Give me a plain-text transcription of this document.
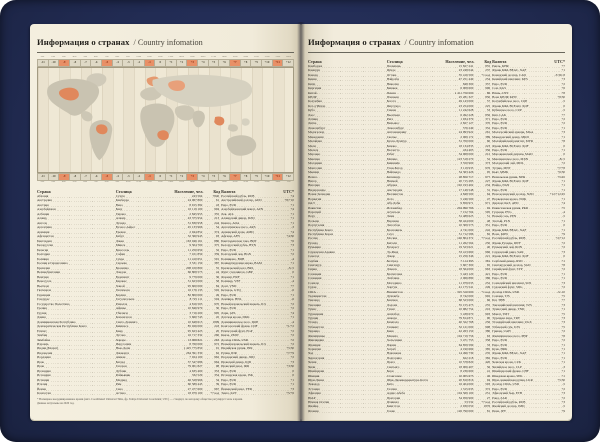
Информация о странах / Country infomation
1:00	2:00	3:00	4:00	5:00	6:00	7:00	8:00	9:00	10:00	11:00	12:00	13:00	14:00	15:00	16:00	17:00	18:00	19:00	20:00	21:00	22:00	23:00	24:00
-11	-10	-9	-8	-7	-6	-5	-4	-3	-2	-1	0	+1	+2	+3	+4	+5	+6	+7	+8	+9	+10	+11	+12
-11	-10	-9	-8	-7	-6	-5	-4	-3	-2	-1	0	+1	+2	+3	+4	+5	+6	+7	+8	+9	+10	+11	+12
2:00	3:00	4:00	5:00	6:00	7:00	8:00	9:00	10:00	11:00	12:00	13:00	14:00	15:00	16:00	17:00	18:00	19:00	20:00	21:00	22:00	23:00	24:00	1:00
Страна	Столица	Население, чел.	Код Валюта	UTC*
Абхазия	Сухум	243 564	7840 Российский рубль, RUB	+4
Австралия	Канберра	24 067 800	61 Австралийский доллар, AUD	+8/+10
Австрия	Вена	8 915 382	43 Евро, EUR	+1
Азербайджан	Баку	10 119 100	994 Азербайджанский манат, AZN	+4
Албания	Тирана	2 845 955	355 Лек, ALL	+1
Алжир	Алжир	43 375 954	213 Алжирский динар, DZD	+1
Ангола	Луанда	31 830 958	244 Кванза, AOA	+1
Аргентина	Буэнос-Айрес	45 133 966	54 Аргентинское песо, ARS	-3
Армения	Ереван	2 944 852	374 Армянский драм, AMD	+4
Афганистан	Кабул	32 360 945	93 Афгани, AFN	+4:30
Бангладеш	Дакка	163 046 161	880 Бангладешская така, BDT	+6
Белоруссия	Минск	9 504 700	375 Белорусский рубль, BYN	+3
Бельгия	Брюссель	11 250 659	32 Евро, EUR	+1
Болгария	София	7 101 859	359 Болгарский лев, BGN	+2
Боливия	Сукре	11 410 651	591 Боливиано, BOB	-4
Босния и Герцеговина	Сараево	3 531 159	387 Конвертируемая марка, BAM	+1
Бразилия	Бразилиа	208 100 800	55 Бразильский реал, BRL	-3/-5
Великобритания	Лондон	66 808 573	44 Фунт стерлингов, GBP	0
Венгрия	Будапешт	9 779 000	36 Форинт, HUF	+1
Венесуэла	Каракас	31 623 000	58 Боливар, VEF	-4
Вьетнам	Ханой	95 600 000	84 Донг, VND	+7
Гватемала	Гватемала	16 176 133	502 Кетцаль, GTQ	-6
Германия	Берлин	82 800 000	49 Евро, EUR	+1
Гондурас	Тегусигальпа	8 725 111	504 Лемпира, HNL	-6
Государство Палестина	Рамалла	4 816 503	970 Новый израильский шекель, ILS	+2
Греция	Афины	10 846 979	30 Евро, EUR	+2
Грузия	Тбилиси	3 716 200	995 Лари, GEL	+4
Дания	Копенгаген	5 660 743	45 Датская крона, DKK	+1
Доминиканская Республика	Санто-Доминго	10 648 613	1809 Доминиканское песо, DOP	-4
Демократическая Республика Конго	Киншаса	85 026 000	243 Конголезский франк, CDF	+1/+2
Египет	Каир	95 623 423	20 Египетский фунт, EGP	+2
Замбия	Лусака	16 717 332	260 Квача, ZMW	+2
Зимбабве	Хараре	13 968 821	263 Доллар США, USD	+2
Израиль	Иерусалим	8 760 000	972 Новый израильский шекель, ILS	+2
Индия (Бхарат)	Нью-Дели	1 425 775 850	91 Индийская рупия, INR	+5:30
Индонезия	Джакарта	264 391 330	62 Рупия, IDR	+7/+9
Иордания	Амман	7 024 100	962 Иорданский динар, JOD	+2
Ирак	Багдад	37 547 686	964 Иракский динар, IQD	+3
Иран	Тегеран	79 001 827	98 Иранский риал, IRR	+3:30
Ирландия	Дублин	4 635 400	353 Евро, EUR	0
Исландия	Рейкьявик	332 529	354 Исландская крона, ISK	0
Испания	Мадрид	46 528 966	34 Евро, EUR	+1
Италия	Рим	60 589 445	39 Евро, EUR	+1
Йемен	Сана	27 477 600	967 Йеменский риал, YER	+3
Казахстан	Астана	18 079 100	+7 код Тенге, KZT	+5/+6
* Всемирное координированное время (англ. Coordinated Universal Time, фр. Temps Universel Coordonné; UTC) — стандарт, по которому общество регулирует часы и время.
Данные актуальны на 2020 год.
Информация о странах / Country infomation
Страна	Столица	Население, чел.	Код Валюта	UTC*
Камбоджа	Пномпень	15 827 241	855 Риель, KHR	+7
Камерун	Яунде	23 248 044	237 Франк КФА BEAC, XAF	+1
Канада	Оттава	35 416 500	+1 код Канадский доллар, CAD	-3:30/-8
Кения	Найроби	47 251 449	254 Кенийский шиллинг, KES	+3
Кипр	Никосия	848 300	357 Евро, EUR	+2
Киргизия	Бишкек	6 008 600	996 Сом, KGS	+6
Китай	Пекин	1 411 750 000	86 Юань, CNY	+8
КНДР	Пхеньян	25 281 327	850 Вона КНДР, KPW	+8:30
Колумбия	Богота	49 143 000	57 Колумбийское песо, COP	-5
Кот-д’Ивуар	Ямусукро	23 254 000	225 Франк КФА BCEAO, XOF	0
Куба	Гавана	11 242 628	53 Кубинское песо, CUP	-5
Лаос	Вьентьян	6 492 228	856 Кип, LAK	+7
Латвия	Рига	1 934 379	371 Евро, EUR	+2
Литва	Вильнюс	2 827 127	370 Евро, EUR	+2
Люксембург	Люксембург	576 249	352 Евро, EUR	+1
Мадагаскар	Антананариву	24 993 922	261 Малагасийский ариари, MGA	+3
Македония	Скопье	2 069 172	389 Македонский денар, MKD	+1
Малайзия	Куала-Лумпур	31 700 000	60 Малайзийский ринггит, MYR	+8
Мали	Бамако	18 134 835	223 Франк КФА BCEAO, XOF	0
Мальта	Валлетта	434 403	356 Евро, EUR	+1
Марокко	Рабат	34 968 000	212 Марокканский дирхам, MAD	0
Мексика	Мехико	123 518 270	52 Мексиканское песо, MXN	-8/-5
Молдавия	Кишинёв	3 550 900	373 Молдавский лей, MDL	+2
Монголия	Улан-Батор	3 119 935	976 Тугрик, MNT	+7/+8
Мьянма	Нейпьидо	54 363 426	95 Кьят, MMK	+6:30
Непал	Катманду	28 850 717	977 Непальская рупия, NPR	+5:45
Нигер	Ниамей	20 715 285	227 Франк КФА BCEAO, XOF	+1
Нигерия	Абуджа	192 193 402	234 Найра, NGN	+1
Нидерланды	Амстердам	17 149 548	31 Евро, EUR	+1
Новая Зеландия	Веллингтон	4 848 500	64 Новозеландский доллар, NZD	+12/+12:45
Норвегия	Осло	5 246 500	47 Норвежская крона, NOK	+1
ОАЭ	Абу-Даби	9 856 971	971 Дирхам ОАЭ, AED	+4
Пакистан	Исламабад	204 990 766	92 Пакистанская рупия, PKR	+5
Парагвай	Асунсьон	7 152 704	595 Гуарани, PYG	-4
Перу	Лима	31 488 625	51 Новый соль, PEN	-5
Польша	Варшава	38 424 000	48 Злотый, PLN	+1
Португалия	Лиссабон	10 309 573	351 Евро, EUR	0
Республика Конго	Браззавиль	4 741 000	242 Франк КФА BEAC, XAF	+1
Республика Корея	Сеул	51 712 586	82 Вона, KRW	+9
Россия	Москва	146 804 372	+7 код Российский рубль, RUB	+2/+12
Руанда	Кигали	11 262 564	250 Франк Руанды, RWF	+2
Румыния	Бухарест	19 523 621	40 Румынский лей, RON	+2
Саудовская Аравия	Эр-Рияд	33 413 660	966 Саудовский риял, SAR	+3
Сенегал	Дакар	15 256 346	221 Франк КФА BCEAO, XOF	0
Сербия	Белград	7 114 393	381 Сербский динар, RSD	+1
Сингапур	Сингапур	5 607 300	65 Сингапурский доллар, SGD	+8
Сирия	Дамаск	18 564 000	963 Сирийский фунт, SYP	+2
Словакия	Братислава	5 443 120	421 Евро, EUR	+1
Словения	Любляна	2 066 880	386 Евро, EUR	+1
Сомали	Могадишо	11 079 035	252 Сомалийский шиллинг, SOS	+3
Судан	Хартум	41 175 541	249 Суданский фунт, SDG	+2
США	Вашингтон	325 310 000	+1 код Доллар США, USD	-5/-10
Таджикистан	Душанбе	8 742 000	992 Сомони, TJS	+5
Таиланд	Бангкок	68 523 000	66 Бат, THB	+7
Танзания	Додома	55 155 473	255 Танзанийский шиллинг, TZS	+3
Тунис	Тунис	10 982 754	216 Тунисский динар, TND	+1
Туркмения	Ашхабад	5 438 670	993 Манат, TMT	+5
Турция	Анкара	79 814 871	90 Турецкая лира, TRY	+3
Уганда	Кампала	40 322 768	256 Угандийский шиллинг, UGX	+3
Узбекистан	Ташкент	32 121 000	998 Узбекский сум, UZS	+5
Украина	Киев	42 263 150	380 Гривна, UAH	+2
Филиппины	Манила	104 719 756	63 Филиппинское песо, PHP	+8
Финляндия	Хельсинки	5 471 753	358 Евро, EUR	+2
Франция	Париж	64 859 599	33 Евро, EUR	+1
Хорватия	Загреб	4 190 669	385 Куна, HRK	+1
Чад	Нджамена	14 496 739	235 Франк КФА BEAC, XAF	+1
Черногория	Подгорица	622 218	382 Евро, EUR	+1
Чехия	Прага	10 578 820	420 Чешская крона, CZK	+1
Чили	Сантьяго	18 006 407	56 Чилийское песо, CLP	-3
Швейцария	Берн	8 236 600	41 Швейцарский франк, CHF	+1
Швеция	Стокгольм	10 005 673	46 Шведская крона, SEK	+1
Шри-Ланка	Шри-Джаяварденепура-Котте	20 810 816	94 Шри-ланкийская рупия, LKR	+5:30
Эквадор	Кито	16 404 000	593 Доллар США, USD	-5
Эстония	Таллин	1 315 635	372 Евро, EUR	+2
Эфиопия	Аддис-Абеба	104 569 100	251 Эфиопский быр, ETB	+3
ЮАР	Претория	54 956 900	27 Ранд, ZAR	+2
Южная Осетия	Цхинвал	53 532	+7 код Российский рубль, RUB	+3
Ямайка	Кингстон	2 930 050	1876 Ямайский доллар, JMD	-5
Япония	Токио	126 790 000	81 Иена, JPY	+9
